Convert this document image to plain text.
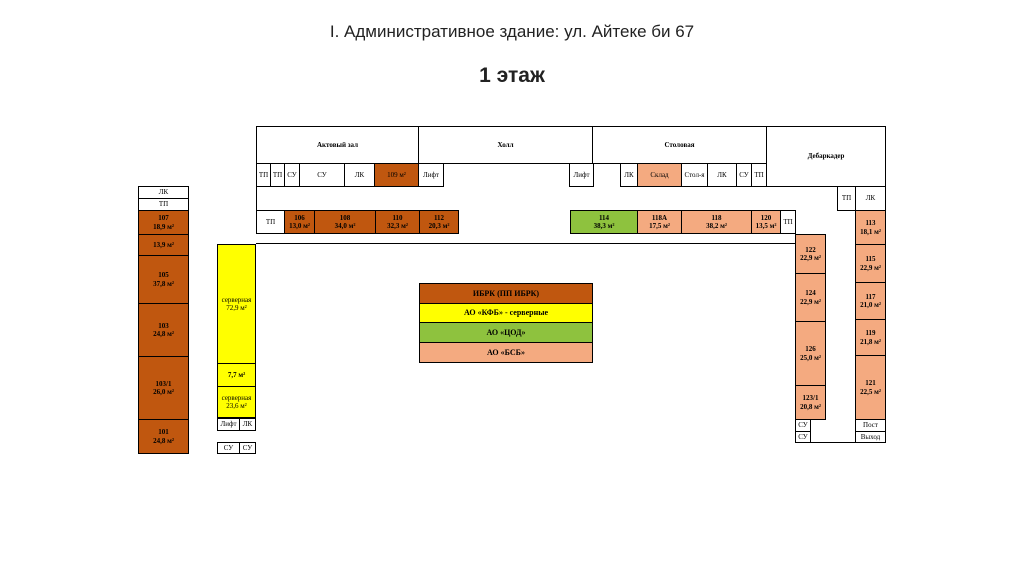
I. Административное здание: ул. Айтеке би 67
1 этаж
Актовый зал	Холл	Столовая
Дебаркадер
ТП ТП СУ	СУ	ЛК	109 м²	Лифт	Лифт	ЛК	Склад	Стол-я	ЛК	СУ ТП
ТП
106
13,0 м²
108
34,0 м²
110
32,3 м²
112
20,3 м²
114
38,3 м²
118А
17,5 м²
118
38,2 м²
120
13,5 м²
ТП
ЛК
ТП
107
18,9 м²
13,9 м²
105
37,8 м²
103
24,8 м²
103/1
26,0 м²
101
24,8 м²
серверная
72,9 м²
7,7 м²
серверная
23,6 м²
Лифт ЛК
СУ	СУ
122
22,9 м²
124
22,9 м²
126
25,0 м²
123/1
20,8 м²
СУ
СУ
ТП	ЛК
113
18,1 м²
115
22,9 м²
117
21,0 м²
119
21,8 м²
121
22,5 м²
Пост
Выход
ИБРК (ПП ИБРК)
АО «КФБ» - серверные
АО «ЦОД»
АО «БСБ»
